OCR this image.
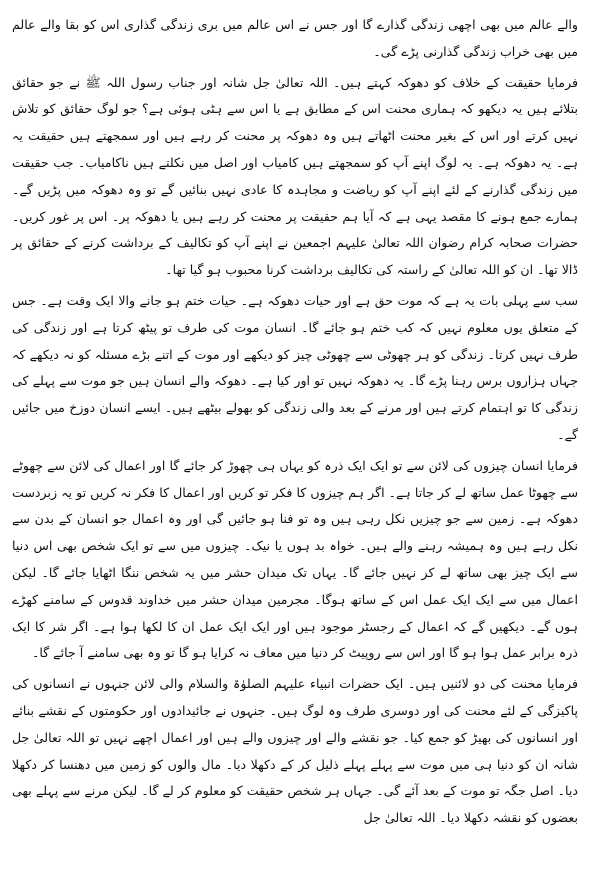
والے عالم میں بھی اچھی زندگی گذارے گا اور جس نے اس عالم میں بری زندگی گذاری اس کو بقا والے عالم میں بھی خراب زندگی گذارنی پڑے گی۔

فرمایا حقیقت کے خلاف کو دھوکہ کہتے ہیں۔ اللہ تعالیٰ جل شانہ اور جناب رسول اللہ ﷺ نے جو حقائق بتلائے ہیں یہ دیکھو کہ ہماری محنت اس کے مطابق ہے یا اس سے ہٹی ہوئی ہے؟ جو لوگ حقائق کو تلاش نہیں کرتے اور اس کے بغیر محنت اٹھاتے ہیں وہ دھوکہ پر محنت کر رہے ہیں اور سمجھتے ہیں حقیقت یہ ہے۔ یہ دھوکہ ہے۔ یہ لوگ اپنے آپ کو سمجھتے ہیں کامیاب اور اصل میں نکلتے ہیں ناکامیاب۔ جب حقیقت میں زندگی گذارنے کے لئے اپنے آپ کو ریاضت و مجاہدہ کا عادی نہیں بنائیں گے تو وہ دھوکہ میں پڑیں گے۔ ہمارے جمع ہونے کا مقصد یہی ہے کہ آیا ہم حقیقت پر محنت کر رہے ہیں یا دھوکہ پر۔ اس پر غور کریں۔ حضرات صحابہ کرام رضوان اللہ تعالیٰ علیہم اجمعین نے اپنے آپ کو تکالیف کے برداشت کرنے کے حقائق پر ڈالا تھا۔ ان کو اللہ تعالیٰ کے راستہ کی تکالیف برداشت کرنا محبوب ہو گیا تھا۔

سب سے پہلی بات یہ ہے کہ موت حق ہے اور حیات دھوکہ ہے۔ حیات ختم ہو جانے والا ایک وقت ہے۔ جس کے متعلق یوں معلوم نہیں کہ کب ختم ہو جائے گا۔ انسان موت کی طرف تو پیٹھ کرتا ہے اور زندگی کی طرف نہیں کرتا۔ زندگی کو ہر چھوٹی سے چھوٹی چیز کو دیکھے اور موت کے اتنے بڑے مسئلہ کو نہ دیکھے کہ جہاں ہزاروں برس رہنا پڑے گا۔ یہ دھوکہ نہیں تو اور کیا ہے۔ دھوکہ والے انسان ہیں جو موت سے پہلے کی زندگی کا تو اہتمام کرتے ہیں اور مرنے کے بعد والی زندگی کو بھولے بیٹھے ہیں۔ ایسے انسان دوزخ میں جائیں گے۔

فرمایا انسان چیزوں کی لائن سے تو ایک ایک ذرہ کو یہاں ہی چھوڑ کر جائے گا اور اعمال کی لائن سے چھوٹے سے چھوٹا عمل ساتھ لے کر جاتا ہے۔ اگر ہم چیزوں کا فکر تو کریں اور اعمال کا فکر نہ کریں تو یہ زبردست دھوکہ ہے۔ زمین سے جو چیزیں نکل رہی ہیں وہ تو فنا ہو جائیں گی اور وہ اعمال جو انسان کے بدن سے نکل رہے ہیں وہ ہمیشہ رہنے والے ہیں۔ خواہ بد ہوں یا نیک۔ چیزوں میں سے تو ایک شخص بھی اس دنیا سے ایک چیز بھی ساتھ لے کر نہیں جائے گا۔ یہاں تک میدان حشر میں یہ شخص ننگا اٹھایا جائے گا۔ لیکن اعمال میں سے ایک ایک عمل اس کے ساتھ ہوگا۔ مجرمین میدان حشر میں خداوند قدوس کے سامنے کھڑے ہوں گے۔ دیکھیں گے کہ اعمال کے رجسٹر موجود ہیں اور ایک ایک عمل ان کا لکھا ہوا ہے۔ اگر شر کا ایک ذرہ برابر عمل ہوا ہو گا اور اس سے روپیٹ کر دنیا میں معاف نہ کرایا ہو گا تو وہ بھی سامنے آ جائے گا۔

فرمایا محنت کی دو لائنیں ہیں۔ ایک حضرات انبیاء علیہم الصلوٰۃ والسلام والی لائن جنہوں نے انسانوں کی پاکیزگی کے لئے محنت کی اور دوسری طرف وہ لوگ ہیں۔ جنہوں نے جائیدادوں اور حکومتوں کے نقشے بنائے اور انسانوں کی بھیڑ کو جمع کیا۔ جو نقشے والے اور چیزوں والے ہیں اور اعمال اچھے نہیں تو اللہ تعالیٰ جل شانہ ان کو دنیا ہی میں موت سے پہلے پہلے ذلیل کر کے دکھلا دیا۔ مال والوں کو زمین میں دھنسا کر دکھلا دیا۔ اصل جگہ تو موت کے بعد آئے گی۔ جہاں ہر شخص حقیقت کو معلوم کر لے گا۔ لیکن مرنے سے پہلے بھی بعضوں کو نقشہ دکھلا دیا۔ اللہ تعالیٰ جل
